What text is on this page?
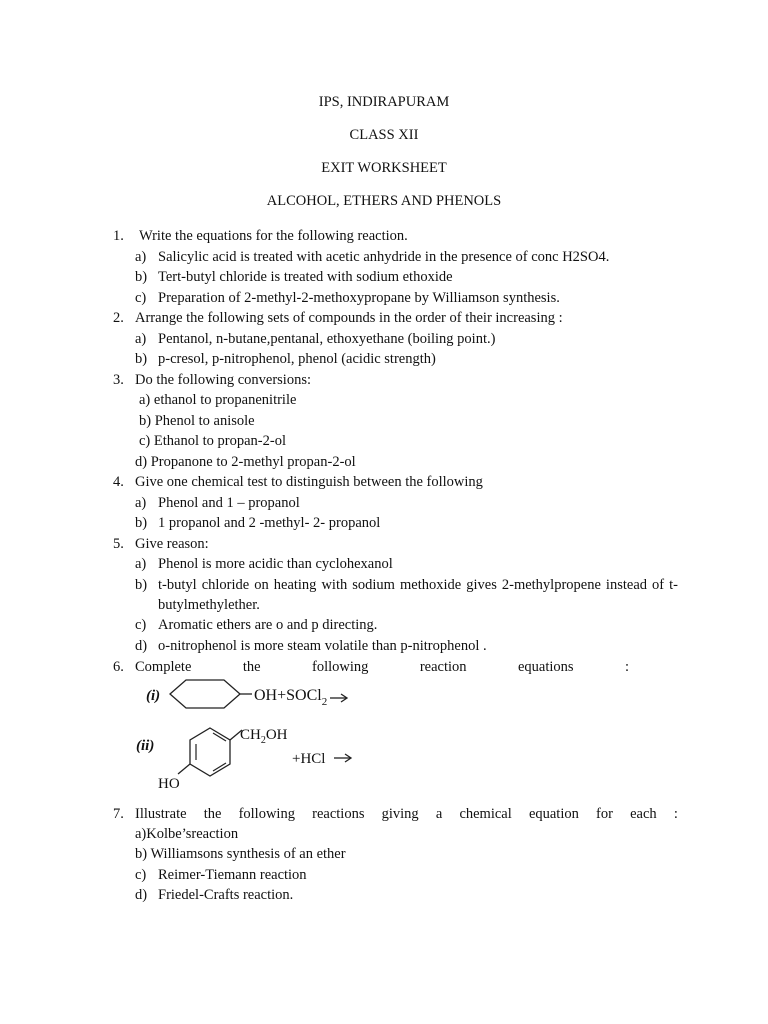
IPS, INDIRAPURAM
CLASS XII
EXIT WORKSHEET
ALCOHOL, ETHERS AND PHENOLS
1. Write the equations for the following reaction.
a) Salicylic acid is treated with acetic anhydride in the presence of conc H2SO4.
b) Tert-butyl chloride is treated with sodium ethoxide
c) Preparation of 2-methyl-2-methoxypropane by Williamson synthesis.
2. Arrange the following sets of compounds in the order of their increasing :
a) Pentanol, n-butane,pentanal, ethoxyethane (boiling point.)
b) p-cresol, p-nitrophenol, phenol (acidic strength)
3. Do the following conversions:
a) ethanol to propanenitrile
b) Phenol to anisole
c) Ethanol to propan-2-ol
d) Propanone to 2-methyl propan-2-ol
4. Give one chemical test to distinguish between the following
a) Phenol and 1 – propanol
b) 1 propanol and 2 -methyl- 2- propanol
5. Give reason:
a) Phenol is more acidic than cyclohexanol
b) t-butyl chloride on heating with sodium methoxide gives 2-methylpropene instead of t-butylmethylether.
c) Aromatic ethers are o and p directing.
d) o-nitrophenol is more steam volatile than p-nitrophenol .
6. Complete	the	following	reaction	equations	:
(i)	OH+SOCl$_2$
(ii)
$CH_2OH$
HO
+HCl
7. Illustrate the following reactions giving a chemical equation for each :
a)Kolbe’sreaction
b) Williamsons synthesis of an ether
c) Reimer-Tiemann reaction
d) Friedel-Crafts reaction.
